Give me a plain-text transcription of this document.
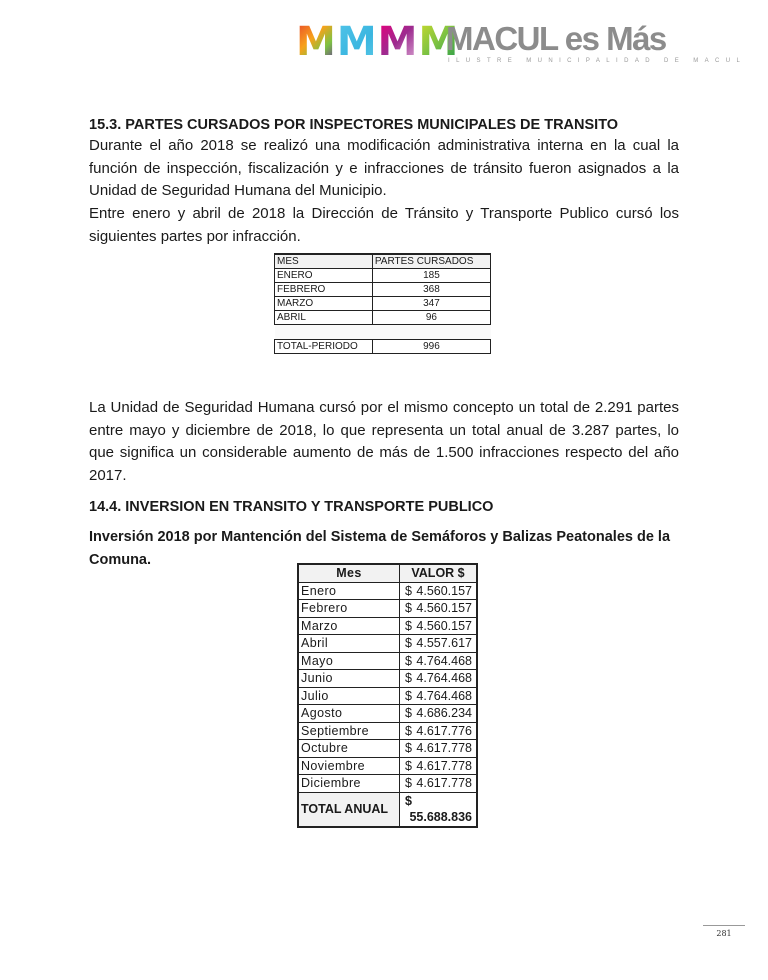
M M M M
MACUL es Más
ILUSTRE MUNICIPALIDAD DE MACUL

15.3. PARTES CURSADOS POR INSPECTORES MUNICIPALES DE TRANSITO

Durante el año 2018 se realizó una modificación administrativa interna en la cual la función de inspección, fiscalización y e infracciones de tránsito fueron asignados a la Unidad de Seguridad Humana del Municipio.

Entre enero y abril de 2018 la Dirección de Tránsito y Transporte Publico cursó los siguientes partes por infracción.

MES	PARTES CURSADOS
ENERO	185
FEBRERO	368
MARZO	347
ABRIL	96

TOTAL-PERIODO	996

La Unidad de Seguridad Humana cursó por el mismo concepto un total de 2.291 partes entre mayo y diciembre de 2018, lo que representa un total anual de 3.287 partes, lo que significa un considerable aumento de más de 1.500 infracciones respecto del año 2017.

14.4. INVERSION EN TRANSITO Y TRANSPORTE PUBLICO

Inversión 2018 por Mantención del Sistema de Semáforos y Balizas Peatonales de la Comuna.

Mes	VALOR $
Enero	$ 4.560.157

Febrero	$ 4.560.157

Marzo	$ 4.560.157

Abril	$ 4.557.617

Mayo	$ 4.764.468

Junio	$ 4.764.468

Julio	$ 4.764.468

Agosto	$ 4.686.234

Septiembre	$ 4.617.776

Octubre	$ 4.617.778

Noviembre	$ 4.617.778

Diciembre	$ 4.617.778

TOTAL ANUAL	$
55.688.836
281
